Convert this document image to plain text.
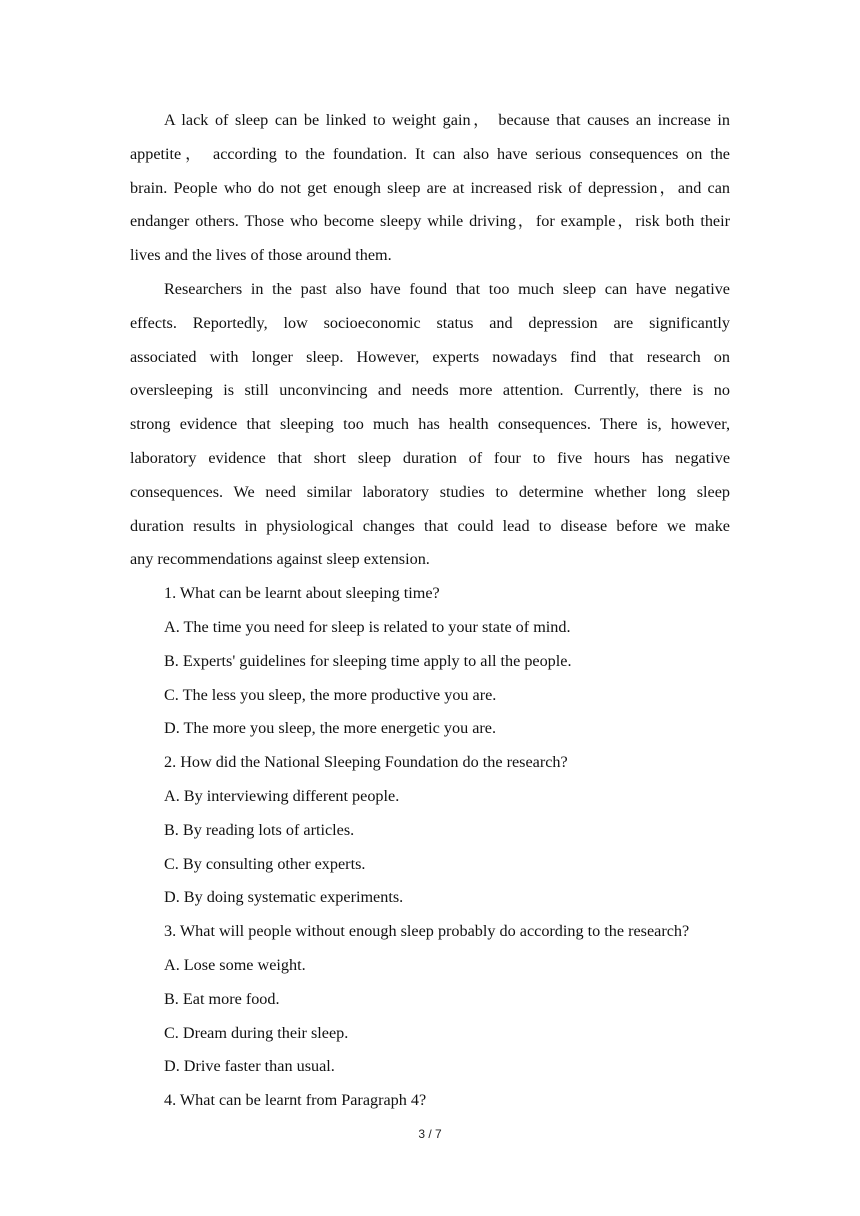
A lack of sleep can be linked to weight gain， because that causes an increase in
appetite， according to the foundation. It can also have serious consequences on the
brain. People who do not get enough sleep are at increased risk of depression，and can
endanger others. Those who become sleepy while driving，for example，risk both their
lives and the lives of those around them.
Researchers in the past also have found that too much sleep can have negative
effects. Reportedly, low socioeconomic status and depression are significantly
associated with longer sleep. However, experts nowadays find that research on
oversleeping is still unconvincing and needs more attention. Currently, there is no
strong evidence that sleeping too much has health consequences. There is, however,
laboratory evidence that short sleep duration of four to five hours has negative
consequences. We need similar laboratory studies to determine whether long sleep
duration results in physiological changes that could lead to disease before we make
any recommendations against sleep extension.
1. What can be learnt about sleeping time?
A. The time you need for sleep is related to your state of mind.
B. Experts' guidelines for sleeping time apply to all the people.
C. The less you sleep, the more productive you are.
D. The more you sleep, the more energetic you are.
2. How did the National Sleeping Foundation do the research?
A. By interviewing different people.
B. By reading lots of articles.
C. By consulting other experts.
D. By doing systematic experiments.
3. What will people without enough sleep probably do according to the research?
A. Lose some weight.
B. Eat more food.
C. Dream during their sleep.
D. Drive faster than usual.
4. What can be learnt from Paragraph 4?
3 / 7
